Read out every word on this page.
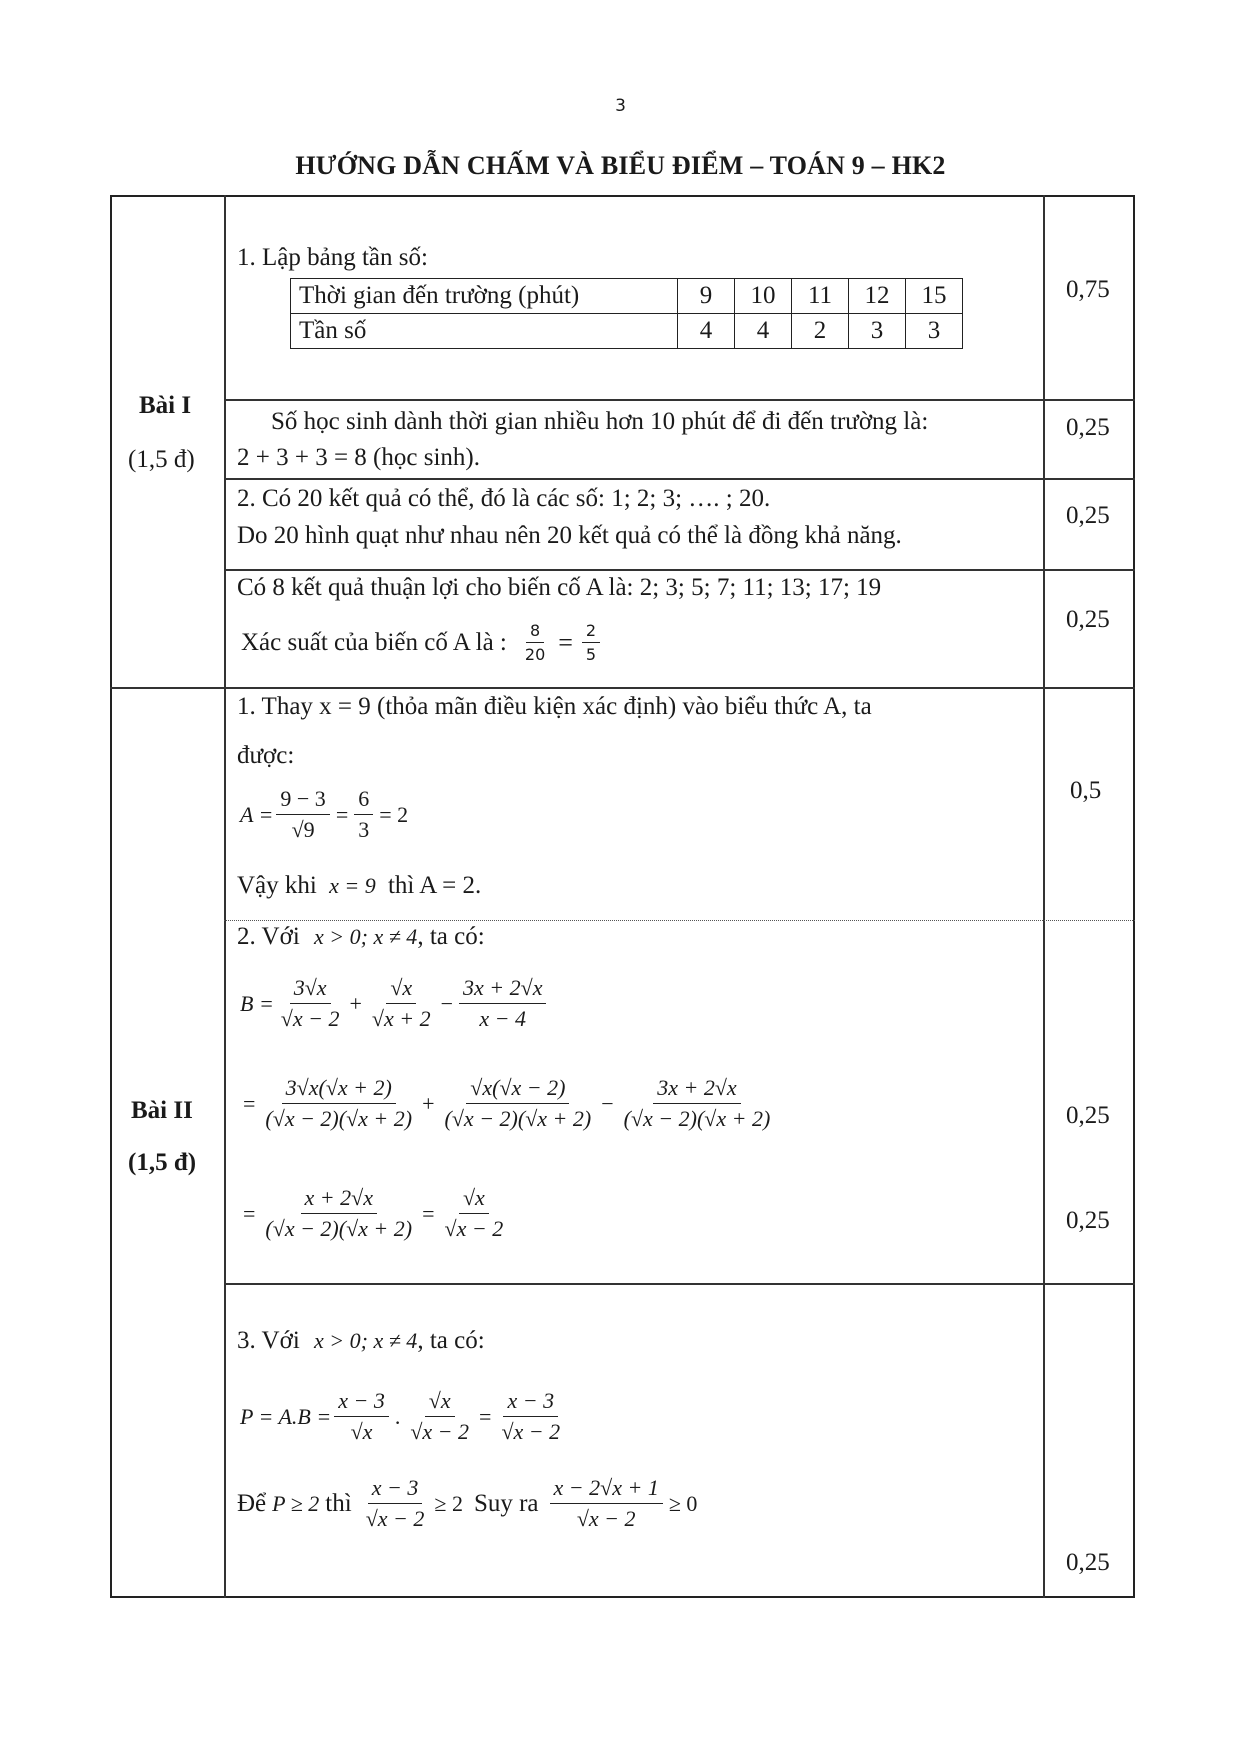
3
HƯỚNG DẪN CHẤM VÀ BIỂU ĐIỂM – TOÁN 9 – HK2
Bài I
(1,5 đ)
1. Lập bảng tần số:
Thời gian đến trường (phút)	9	10	11	12	15
Tần số	4	4	2	3	3
0,75
Số học sinh dành thời gian nhiều hơn 10 phút để đi đến trường là:
2 + 3 + 3 = 8 (học sinh).
0,25
2. Có 20 kết quả có thể, đó là các số: 1; 2; 3; …. ; 20.
Do 20 hình quạt như nhau nên 20 kết quả có thể là đồng khả năng.
0,25
Có 8 kết quả thuận lợi cho biến cố A là: 2; 3; 5; 7; 11; 13; 17; 19
Xác suất của biến cố A là : $\frac{8}{20} = \frac{2}{5}$
0,25
Bài II
(1,5 đ)
1. Thay x = 9 (thỏa mãn điều kiện xác định) vào biểu thức A, ta
được:
$A = \frac{9 - 3}{√9} = \frac{6}{3} = 2$
Vậy khi x = 9 thì A = 2.
0,5
2. Với x > 0; x ≠ 4, ta có:
$B = \frac{3√x}{√x - 2} + \frac{√x}{√x + 2} - \frac{3x + 2√x}{x - 4}$
= $\frac{3√x(√x + 2)}{(√x - 2)(√x + 2)} + \frac{√x(√x - 2)}{(√x - 2)(√x + 2)} - \frac{3x + 2√x}{(√x - 2)(√x + 2)}$
= $\frac{x + 2√x}{(√x - 2)(√x + 2)} = \frac{√x}{√x - 2}$
0,25
0,25
3. Với x > 0; x ≠ 4, ta có:
$P = A.B = \frac{x - 3}{√x}$ . $\frac{√x}{√x - 2} = \frac{x - 3}{√x - 2}$
Để P ≥ 2 thì $\frac{x - 3}{√x - 2} \ge 2$ Suy ra $\frac{x - 2√x + 1}{√x - 2} \ge 0$
0,25
